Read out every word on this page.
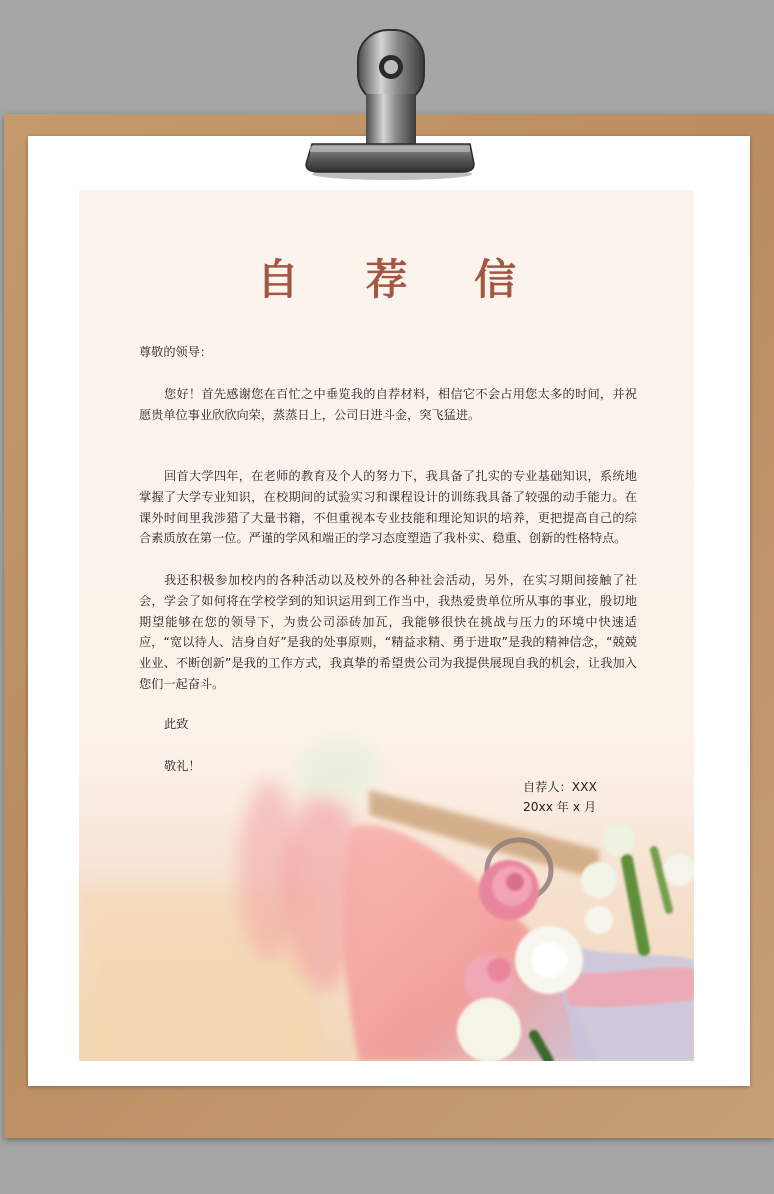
自 荐 信

尊敬的领导：

您好！首先感谢您在百忙之中垂览我的自荐材料，相信它不会占用您太多的时间，并祝愿贵单位事业欣欣向荣，蒸蒸日上，公司日进斗金，突飞猛进。

回首大学四年，在老师的教育及个人的努力下，我具备了扎实的专业基础知识，系统地掌握了大学专业知识，在校期间的试验实习和课程设计的训练我具备了较强的动手能力。在课外时间里我涉猎了大量书籍，不但重视本专业技能和理论知识的培养，更把提高自己的综合素质放在第一位。严谨的学风和端正的学习态度塑造了我朴实、稳重、创新的性格特点。

我还积极参加校内的各种活动以及校外的各种社会活动，另外，在实习期间接触了社会，学会了如何将在学校学到的知识运用到工作当中，我热爱贵单位所从事的事业，殷切地期望能够在您的领导下，为贵公司添砖加瓦，我能够很快在挑战与压力的环境中快速适应，“宽以待人、洁身自好”是我的处事原则，“精益求精、勇于进取”是我的精神信念，“兢兢业业、不断创新”是我的工作方式，我真挚的希望贵公司为我提供展现自我的机会，让我加入您们一起奋斗。

此致

敬礼！

自荐人：XXX

20xx 年 x 月
